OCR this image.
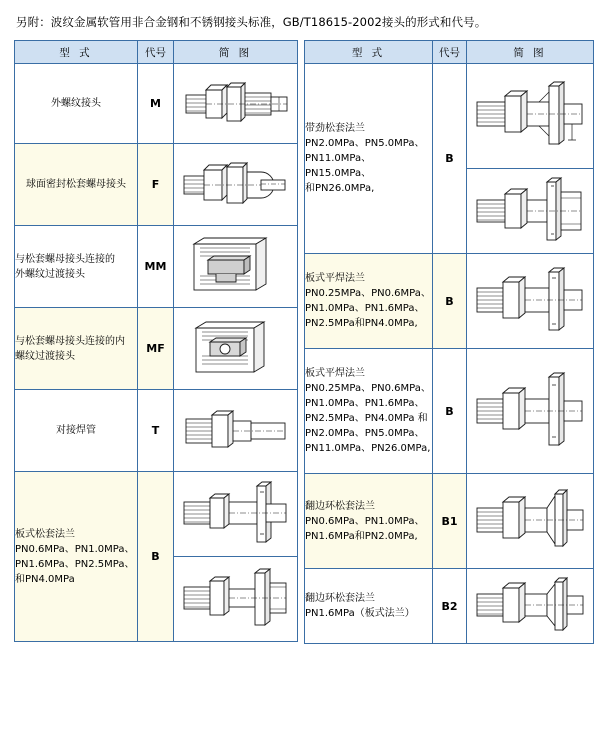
另附：波纹金属软管用非合金钢和不锈钢接头标准，GB/T18615-2002接头的形式和代号。
型 式	代号	简 图

外螺纹接头	M	

球面密封松套螺母接头	F	

与松套螺母接头连接的
外螺纹过渡接头	MM	

与松套螺母接头连接的内
螺纹过渡接头	MF	

对接焊管	T	

板式松套法兰
PN0.6MPa、PN1.0MPa、
PN1.6MPa、PN2.5MPa、
和PN4.0MPa	B	
型 式	代号	简 图

带劲松套法兰
PN2.0MPa、PN5.0MPa、
PN11.0MPa、PN15.0MPa、
和PN26.0MPa,	B	

板式平焊法兰
PN0.25MPa、PN0.6MPa、
PN1.0MPa、PN1.6MPa、
PN2.5MPa和PN4.0MPa,	B	

板式平焊法兰
PN0.25MPa、PN0.6MPa、
PN1.0MPa、PN1.6MPa、
PN2.5MPa、PN4.0MPa 和
PN2.0MPa、PN5.0MPa、
PN11.0MPa、PN26.0MPa,
	B	

翻边环松套法兰
PN0.6MPa、PN1.0MPa、
PN1.6MPa和PN2.0MPa,	B1	

翻边环松套法兰
PN1.6MPa（板式法兰）	B2	
